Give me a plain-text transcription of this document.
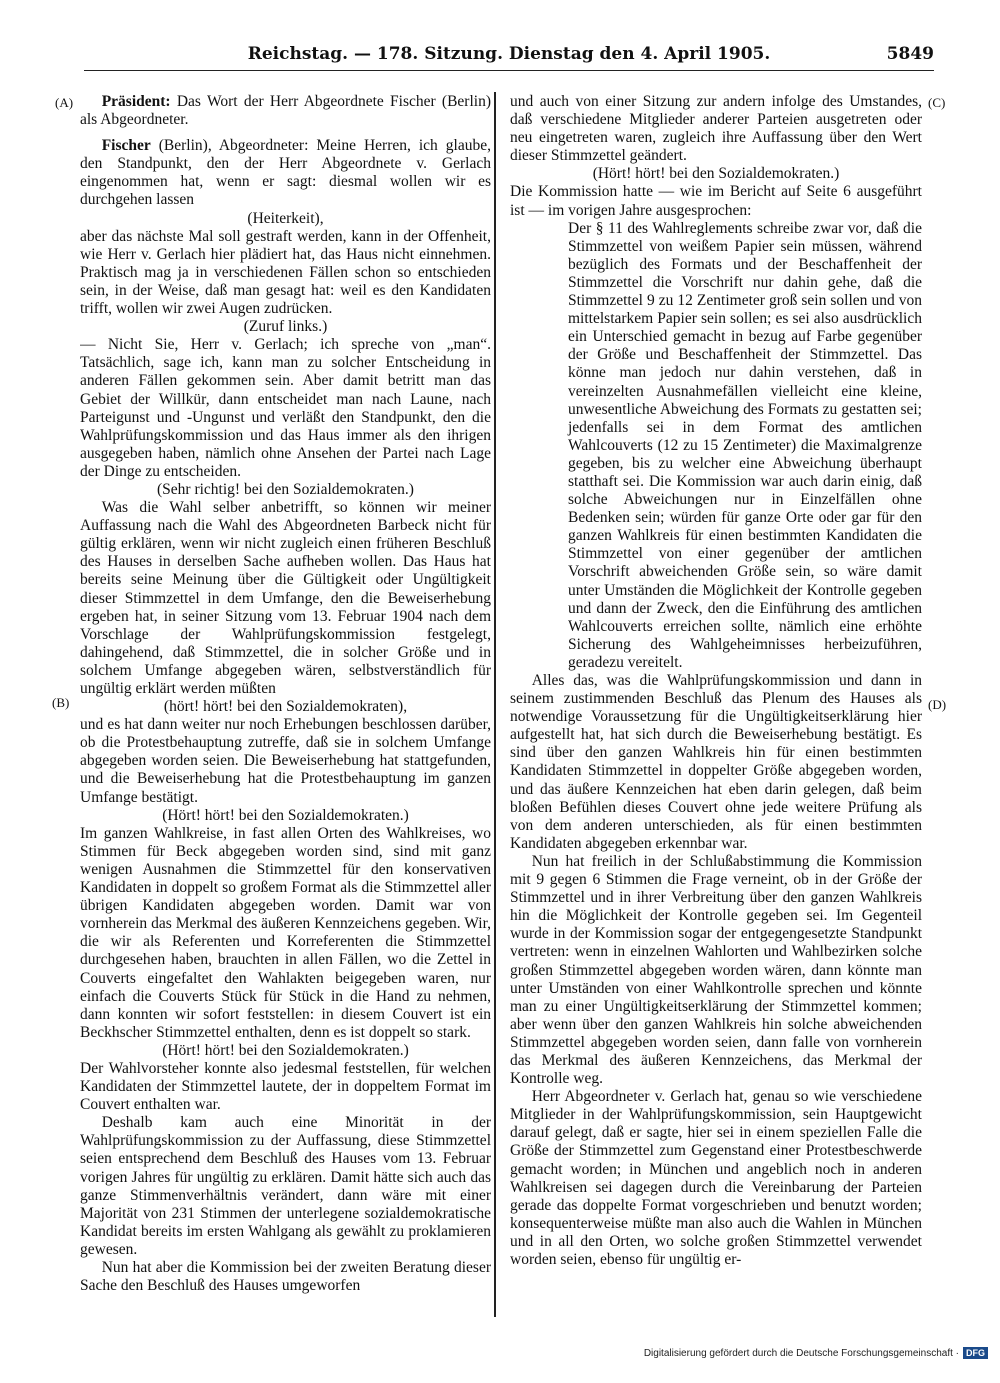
Reichstag. — 178. Sitzung. Dienstag den 4. April 1905.	5849
(A)
(B)
(C)
(D)

Präsident: Das Wort der Herr Abgeordnete Fischer (Berlin) als Abgeordneter.

Fischer (Berlin), Abgeordneter: Meine Herren, ich glaube, den Standpunkt, den der Herr Abgeordnete v. Gerlach eingenommen hat, wenn er sagt: diesmal wollen wir es durchgehen lassen

(Heiterkeit),

aber das nächste Mal soll gestraft werden, kann in der Offenheit, wie Herr v. Gerlach hier plädiert hat, das Haus nicht einnehmen. Praktisch mag ja in verschiedenen Fällen schon so entschieden sein, in der Weise, daß man gesagt hat: weil es den Kandidaten trifft, wollen wir zwei Augen zudrücken.

(Zuruf links.)

— Nicht Sie, Herr v. Gerlach; ich spreche von „man“. Tatsächlich, sage ich, kann man zu solcher Entscheidung in anderen Fällen gekommen sein. Aber damit betritt man das Gebiet der Willkür, dann entscheidet man nach Laune, nach Parteigunst und -Ungunst und verläßt den Standpunkt, den die Wahlprüfungskommission und das Haus immer als den ihrigen ausgegeben haben, nämlich ohne Ansehen der Partei nach Lage der Dinge zu entscheiden.

(Sehr richtig! bei den Sozialdemokraten.)

Was die Wahl selber anbetrifft, so können wir meiner Auffassung nach die Wahl des Abgeordneten Barbeck nicht für gültig erklären, wenn wir nicht zugleich einen früheren Beschluß des Hauses in derselben Sache aufheben wollen. Das Haus hat bereits seine Meinung über die Gültigkeit oder Ungültigkeit dieser Stimmzettel in dem Umfange, den die Beweiserhebung ergeben hat, in seiner Sitzung vom 13. Februar 1904 nach dem Vorschlage der Wahlprüfungskommission festgelegt, dahingehend, daß Stimmzettel, die in solcher Größe und in solchem Umfange abgegeben wären, selbstverständlich für ungültig erklärt werden müßten

(hört! hört! bei den Sozialdemokraten),

und es hat dann weiter nur noch Erhebungen beschlossen darüber, ob die Protestbehauptung zutreffe, daß sie in solchem Umfange abgegeben worden seien. Die Beweiserhebung hat stattgefunden, und die Beweiserhebung hat die Protestbehauptung im ganzen Umfange bestätigt.

(Hört! hört! bei den Sozialdemokraten.)

Im ganzen Wahlkreise, in fast allen Orten des Wahlkreises, wo Stimmen für Beck abgegeben worden sind, sind mit ganz wenigen Ausnahmen die Stimmzettel für den konservativen Kandidaten in doppelt so großem Format als die Stimmzettel aller übrigen Kandidaten abgegeben worden. Damit war von vornherein das Merkmal des äußeren Kennzeichens gegeben. Wir, die wir als Referenten und Korreferenten die Stimmzettel durchgesehen haben, brauchten in allen Fällen, wo die Zettel in Couverts eingefaltet den Wahlakten beigegeben waren, nur einfach die Couverts Stück für Stück in die Hand zu nehmen, dann konnten wir sofort feststellen: in diesem Couvert ist ein Beckhscher Stimmzettel enthalten, denn es ist doppelt so stark.

(Hört! hört! bei den Sozialdemokraten.)

Der Wahlvorsteher konnte also jedesmal feststellen, für welchen Kandidaten der Stimmzettel lautete, der in doppeltem Format im Couvert enthalten war.

Deshalb kam auch eine Minorität in der Wahlprüfungskommission zu der Auffassung, diese Stimmzettel seien entsprechend dem Beschluß des Hauses vom 13. Februar vorigen Jahres für ungültig zu erklären. Damit hätte sich auch das ganze Stimmenverhältnis verändert, dann wäre mit einer Majorität von 231 Stimmen der unterlegene sozialdemokratische Kandidat bereits im ersten Wahlgang als gewählt zu proklamieren gewesen.

Nun hat aber die Kommission bei der zweiten Beratung dieser Sache den Beschluß des Hauses umgeworfen

und auch von einer Sitzung zur andern infolge des Umstandes, daß verschiedene Mitglieder anderer Parteien ausgetreten oder neu eingetreten waren, zugleich ihre Auffassung über den Wert dieser Stimmzettel geändert.

(Hört! hört! bei den Sozialdemokraten.)

Die Kommission hatte — wie im Bericht auf Seite 6 ausgeführt ist — im vorigen Jahre ausgesprochen:

Der § 11 des Wahlreglements schreibe zwar vor, daß die Stimmzettel von weißem Papier sein müssen, während bezüglich des Formats und der Beschaffenheit der Stimmzettel die Vorschrift nur dahin gehe, daß die Stimmzettel 9 zu 12 Zentimeter groß sein sollen und von mittelstarkem Papier sein sollen; es sei also ausdrücklich ein Unterschied gemacht in bezug auf Farbe gegenüber der Größe und Beschaffenheit der Stimmzettel. Das könne man jedoch nur dahin verstehen, daß in vereinzelten Ausnahmefällen vielleicht eine kleine, unwesentliche Abweichung des Formats zu gestatten sei; jedenfalls sei in dem Format des amtlichen Wahlcouverts (12 zu 15 Zentimeter) die Maximalgrenze gegeben, bis zu welcher eine Abweichung überhaupt statthaft sei. Die Kommission war auch darin einig, daß solche Abweichungen nur in Einzelfällen ohne Bedenken sein; würden für ganze Orte oder gar für den ganzen Wahlkreis für einen bestimmten Kandidaten die Stimmzettel von einer gegenüber der amtlichen Vorschrift abweichenden Größe sein, so wäre damit unter Umständen die Möglichkeit der Kontrolle gegeben und dann der Zweck, den die Einführung des amtlichen Wahlcouverts erreichen sollte, nämlich eine erhöhte Sicherung des Wahlgeheimnisses herbeizuführen, geradezu vereitelt.

Alles das, was die Wahlprüfungskommission und dann in seinem zustimmenden Beschluß das Plenum des Hauses als notwendige Voraussetzung für die Ungültigkeitserklärung hier aufgestellt hat, hat sich durch die Beweiserhebung bestätigt. Es sind über den ganzen Wahlkreis hin für einen bestimmten Kandidaten Stimmzettel in doppelter Größe abgegeben worden, und das äußere Kennzeichen hat eben darin gelegen, daß beim bloßen Befühlen dieses Couvert ohne jede weitere Prüfung als von dem anderen unterschieden, als für einen bestimmten Kandidaten abgegeben erkennbar war.

Nun hat freilich in der Schlußabstimmung die Kommission mit 9 gegen 6 Stimmen die Frage verneint, ob in der Größe der Stimmzettel und in ihrer Verbreitung über den ganzen Wahlkreis hin die Möglichkeit der Kontrolle gegeben sei. Im Gegenteil wurde in der Kommission sogar der entgegengesetzte Standpunkt vertreten: wenn in einzelnen Wahlorten und Wahlbezirken solche großen Stimmzettel abgegeben worden wären, dann könnte man unter Umständen von einer Wahlkontrolle sprechen und könnte man zu einer Ungültigkeitserklärung der Stimmzettel kommen; aber wenn über den ganzen Wahlkreis hin solche abweichenden Stimmzettel abgegeben worden seien, dann falle von vornherein das Merkmal des äußeren Kennzeichens, das Merkmal der Kontrolle weg.

Herr Abgeordneter v. Gerlach hat, genau so wie verschiedene Mitglieder in der Wahlprüfungskommission, sein Hauptgewicht darauf gelegt, daß er sagte, hier sei in einem speziellen Falle die Größe der Stimmzettel zum Gegenstand einer Protestbeschwerde gemacht worden; in München und angeblich noch in anderen Wahlkreisen sei dagegen durch die Vereinbarung der Parteien gerade das doppelte Format vorgeschrieben und benutzt worden; konsequenterweise müßte man also auch die Wahlen in München und in all den Orten, wo solche großen Stimmzettel verwendet worden seien, ebenso für ungültig er-

Digitalisierung gefördert durch die Deutsche Forschungsgemeinschaft · DFG
